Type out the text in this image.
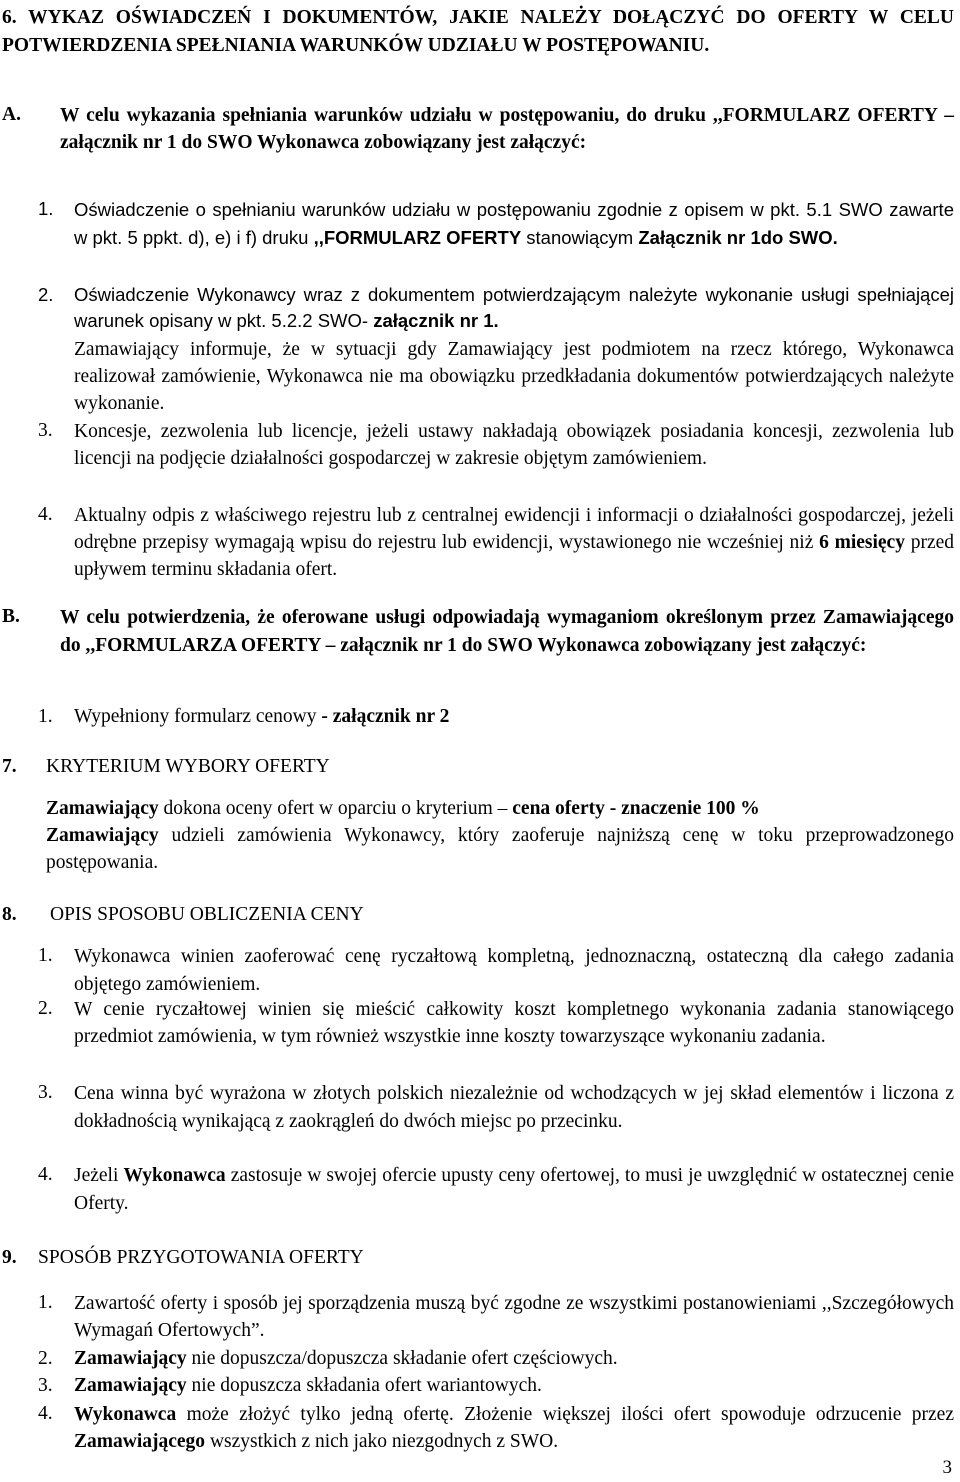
6. WYKAZ OŚWIADCZEŃ I DOKUMENTÓW, JAKIE NALEŻY DOŁĄCZYĆ DO OFERTY W CELU POTWIERDZENIA SPEŁNIANIA WARUNKÓW UDZIAŁU W POSTĘPOWANIU.

A. W celu wykazania spełniania warunków udziału w postępowaniu, do druku ,,FORMULARZ OFERTY – załącznik nr 1 do SWO Wykonawca zobowiązany jest załączyć:

1. Oświadczenie o spełnianiu warunków udziału w postępowaniu zgodnie z opisem w pkt. 5.1 SWO zawarte w pkt. 5 ppkt. d), e) i f) druku ,,FORMULARZ OFERTY stanowiącym Załącznik nr 1do SWO.

2. Oświadczenie Wykonawcy wraz z dokumentem potwierdzającym należyte wykonanie usługi spełniającej warunek opisany w pkt. 5.2.2 SWO- załącznik nr 1.

Zamawiający informuje, że w sytuacji gdy Zamawiający jest podmiotem na rzecz którego, Wykonawca realizował zamówienie, Wykonawca nie ma obowiązku przedkładania dokumentów potwierdzających należyte wykonanie.

3. Koncesje, zezwolenia lub licencje, jeżeli ustawy nakładają obowiązek posiadania koncesji, zezwolenia lub licencji na podjęcie działalności gospodarczej w zakresie objętym zamówieniem.

4. Aktualny odpis z właściwego rejestru lub z centralnej ewidencji i informacji o działalności gospodarczej, jeżeli odrębne przepisy wymagają wpisu do rejestru lub ewidencji, wystawionego nie wcześniej niż 6 miesięcy przed upływem terminu składania ofert.

B. W celu potwierdzenia, że oferowane usługi odpowiadają wymaganiom określonym przez Zamawiającego do ,,FORMULARZA OFERTY – załącznik nr 1 do SWO Wykonawca zobowiązany jest załączyć:

1. Wypełniony formularz cenowy - załącznik nr 2

7. KRYTERIUM WYBORY OFERTY

Zamawiający dokona oceny ofert w oparciu o kryterium – cena oferty - znaczenie 100 %

Zamawiający udzieli zamówienia Wykonawcy, który zaoferuje najniższą cenę w toku przeprowadzonego postępowania.

8. OPIS SPOSOBU OBLICZENIA CENY

1. Wykonawca winien zaoferować cenę ryczałtową kompletną, jednoznaczną, ostateczną dla całego zadania objętego zamówieniem.

2. W cenie ryczałtowej winien się mieścić całkowity koszt kompletnego wykonania zadania stanowiącego przedmiot zamówienia, w tym również wszystkie inne koszty towarzyszące wykonaniu zadania.

3. Cena winna być wyrażona w złotych polskich niezależnie od wchodzących w jej skład elementów i liczona z dokładnością wynikającą z zaokrągleń do dwóch miejsc po przecinku.

4. Jeżeli Wykonawca zastosuje w swojej ofercie upusty ceny ofertowej, to musi je uwzględnić w ostatecznej cenie Oferty.

9. SPOSÓB PRZYGOTOWANIA OFERTY

1. Zawartość oferty i sposób jej sporządzenia muszą być zgodne ze wszystkimi postanowieniami ,,Szczegółowych Wymagań Ofertowych”.

2. Zamawiający nie dopuszcza/dopuszcza składanie ofert częściowych.

3. Zamawiający nie dopuszcza składania ofert wariantowych.

4. Wykonawca może złożyć tylko jedną ofertę. Złożenie większej ilości ofert spowoduje odrzucenie przez Zamawiającego wszystkich z nich jako niezgodnych z SWO.

3
